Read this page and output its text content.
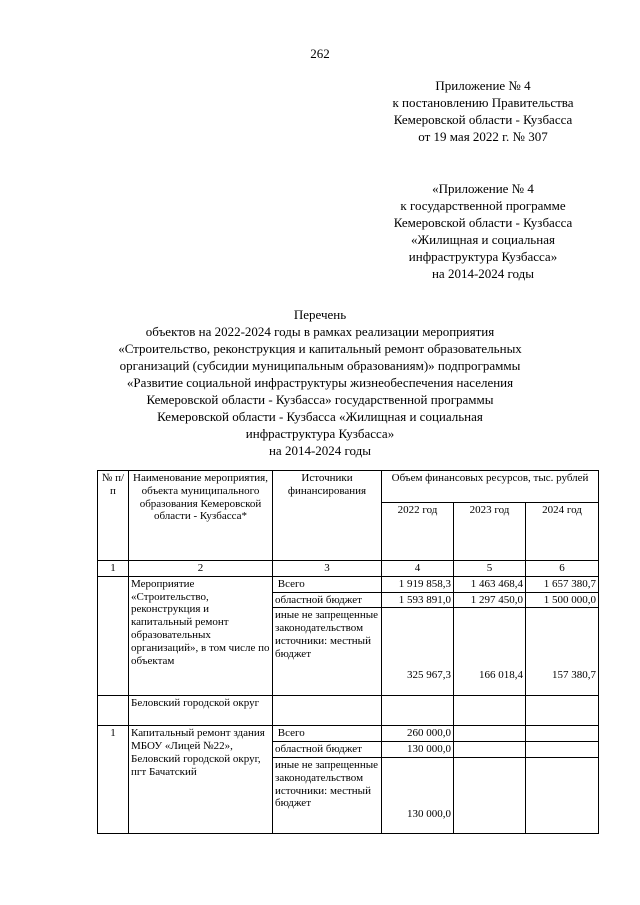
262
Приложение № 4
к постановлению Правительства
Кемеровской области - Кузбасса
от 19 мая 2022 г. № 307
«Приложение № 4
к государственной программе
Кемеровской области - Кузбасса
«Жилищная и социальная
инфраструктура Кузбасса»
на 2014-2024 годы
Перечень
объектов на 2022-2024 годы в рамках реализации мероприятия
«Строительство, реконструкция и капитальный ремонт образовательных
организаций (субсидии муниципальным образованиям)» подпрограммы
«Развитие социальной инфраструктуры жизнеобеспечения населения
Кемеровской области - Кузбасса» государственной программы
Кемеровской области - Кузбасса «Жилищная и социальная
инфраструктура Кузбасса»
на 2014-2024 годы
№ п/п	Наименование мероприятия, объекта муниципального образования Кемеровской области - Кузбасса*	Источники финансирования	Объем финансовых ресурсов, тыс. рублей		
			2022 год	2023 год	2024 год
1	2	3	4	5	6
	Мероприятие «Строительство, реконструкция и капитальный ремонт образовательных организаций», в том числе по объектам	Всего	1 919 858,3	1 463 468,4	1 657 380,7
		областной бюджет	1 593 891,0	1 297 450,0	1 500 000,0
		иные не запрещенные законодательством источники: местный бюджет	325 967,3	166 018,4	157 380,7
	Беловский городской округ				
1	Капитальный ремонт здания МБОУ «Лицей №22», Беловский городской округ, пгт Бачатский	Всего	260 000,0		
		областной бюджет	130 000,0		
		иные не запрещенные законодательством источники: местный бюджет	130 000,0		
